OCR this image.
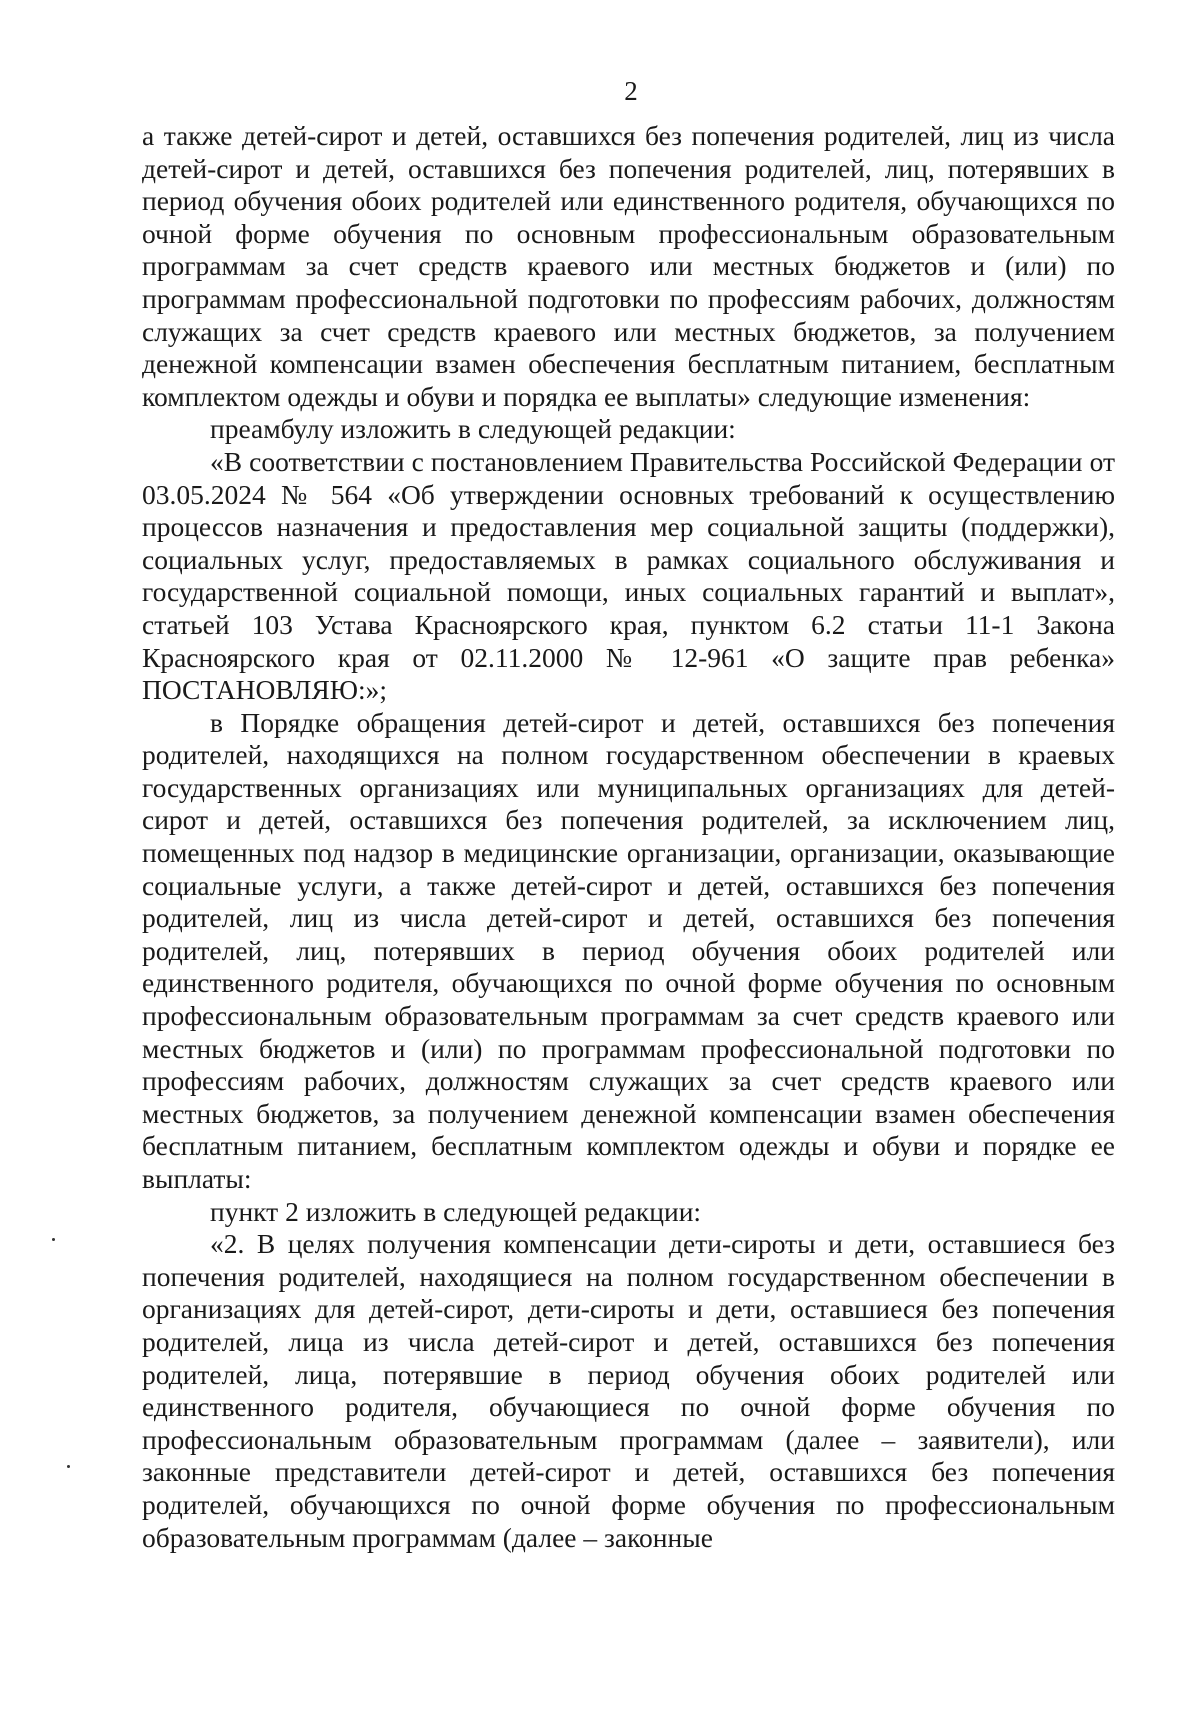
2

а также детей-сирот и детей, оставшихся без попечения родителей, лиц из числа детей-сирот и детей, оставшихся без попечения родителей, лиц, потерявших в период обучения обоих родителей или единственного родителя, обучающихся по очной форме обучения по основным профессиональным образовательным программам за счет средств краевого или местных бюджетов и (или) по программам профессиональной подготовки по профессиям рабочих, должностям служащих за счет средств краевого или местных бюджетов, за получением денежной компенсации взамен обеспечения бесплатным питанием, бесплатным комплектом одежды и обуви и порядка ее выплаты» следующие изменения:

преамбулу изложить в следующей редакции:

«В соответствии с постановлением Правительства Российской Федерации от 03.05.2024 № 564 «Об утверждении основных требований к осуществлению процессов назначения и предоставления мер социальной защиты (поддержки), социальных услуг, предоставляемых в рамках социального обслуживания и государственной социальной помощи, иных социальных гарантий и выплат», статьей 103 Устава Красноярского края, пунктом 6.2 статьи 11-1 Закона Красноярского края от 02.11.2000 № 12-961 «О защите прав ребенка» ПОСТАНОВЛЯЮ:»;

в Порядке обращения детей-сирот и детей, оставшихся без попечения родителей, находящихся на полном государственном обеспечении в краевых государственных организациях или муниципальных организациях для детей-сирот и детей, оставшихся без попечения родителей, за исключением лиц, помещенных под надзор в медицинские организации, организации, оказывающие социальные услуги, а также детей-сирот и детей, оставшихся без попечения родителей, лиц из числа детей-сирот и детей, оставшихся без попечения родителей, лиц, потерявших в период обучения обоих родителей или единственного родителя, обучающихся по очной форме обучения по основным профессиональным образовательным программам за счет средств краевого или местных бюджетов и (или) по программам профессиональной подготовки по профессиям рабочих, должностям служащих за счет средств краевого или местных бюджетов, за получением денежной компенсации взамен обеспечения бесплатным питанием, бесплатным комплектом одежды и обуви и порядке ее выплаты:

пункт 2 изложить в следующей редакции:

«2. В целях получения компенсации дети-сироты и дети, оставшиеся без попечения родителей, находящиеся на полном государственном обеспечении в организациях для детей-сирот, дети-сироты и дети, оставшиеся без попечения родителей, лица из числа детей-сирот и детей, оставшихся без попечения родителей, лица, потерявшие в период обучения обоих родителей или единственного родителя, обучающиеся по очной форме обучения по профессиональным образовательным программам (далее – заявители), или законные представители детей-сирот и детей, оставшихся без попечения родителей, обучающихся по очной форме обучения по профессиональным образовательным программам (далее – законные
